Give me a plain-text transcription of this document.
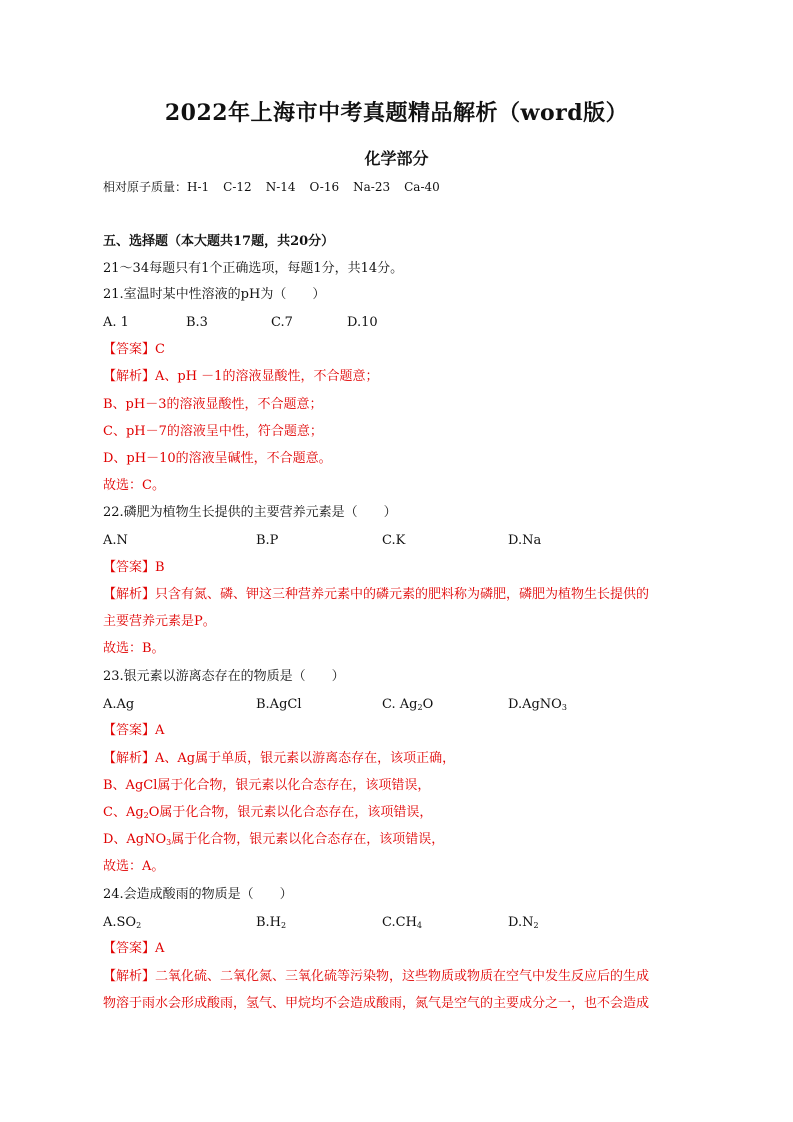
2022年上海市中考真题精品解析（word版）
化学部分
相对原子质量：H-1 C-12 N-14 O-16 Na-23 Ca-40
五、选择题（本大题共17题，共20分）
21～34每题只有1个正确选项，每题1分，共14分。
21.室温时某中性溶液的pH为（　　）
A. 1	B.3	C.7	D.10
【答案】C
【解析】A、pH －1的溶液显酸性，不合题意；
B、pH－3的溶液显酸性，不合题意；
C、pH－7的溶液呈中性，符合题意；
D、pH－10的溶液呈碱性，不合题意。
故选：C。
22.磷肥为植物生长提供的主要营养元素是（　　）
A.N	B.P	C.K	D.Na
【答案】B
【解析】只含有氮、磷、钾这三种营养元素中的磷元素的肥料称为磷肥，磷肥为植物生长提供的
主要营养元素是P。
故选：B。
23.银元素以游离态存在的物质是（　　）
A.Ag	B.AgCl	C. $Ag_2O$	D.AgNO$_3$
【答案】A
【解析】A、Ag属于单质，银元素以游离态存在，该项正确，
B、AgCl属于化合物，银元素以化合态存在，该项错误，
C、$Ag_2O$属于化合物，银元素以化合态存在，该项错误，
D、AgNO$_3$属于化合物，银元素以化合态存在，该项错误，
故选：A。
24.会造成酸雨的物质是（　　）
$A.SO_2$	$B.H_2$	$C.CH_4$	$D.N_2$
【答案】A
【解析】二氧化硫、二氧化氮、三氧化硫等污染物，这些物质或物质在空气中发生反应后的生成
物溶于雨水会形成酸雨，氢气、甲烷均不会造成酸雨，氮气是空气的主要成分之一，也不会造成
